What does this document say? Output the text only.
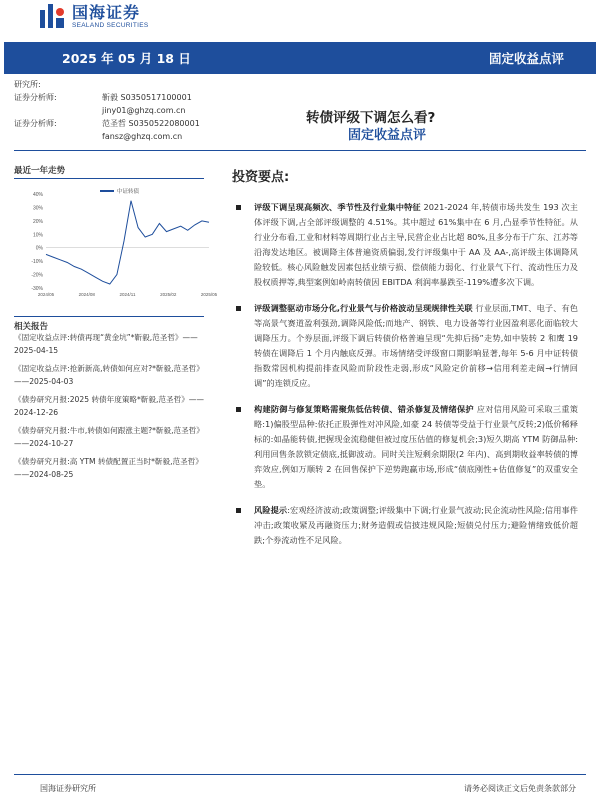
国海证券
SEALAND SECURITIES
2025 年 05 月 18 日	固定收益点评
研究所:
证券分析师:	靳毅 S0350517100001
jiny01@ghzq.com.cn
证券分析师:	范圣哲 S0350522080001
fansz@ghzq.com.cn
转债评级下调怎么看?
固定收益点评
最近一年走势
中证转债
40%
30%
20%
10%
0%
-10%
-20%
-30%
2024/05	2024/08	2024/11	2025/02	2025/05
相关报告
《固定收益点评:转债再现“黄金坑”*靳毅,范圣哲》——2025-04-15
《固定收益点评:抢新新高,转债如何应对?*靳毅,范圣哲》——2025-04-03
《债券研究月报:2025 转债年度策略*靳毅,范圣哲》——2024-12-26
《债券研究月报:牛市,转债如何跟涨主题?*靳毅,范圣哲》——2024-10-27
《债券研究月报:高 YTM 转债配置正当时*靳毅,范圣哲》——2024-08-25
投资要点:
评级下调呈现高频次、季节性及行业集中特征 2021-2024 年,转债市场共发生 193 次主体评级下调,占全部评级调整的 4.51%。其中超过 61%集中在 6 月,凸显季节性特征。从行业分布看,工业和材料等周期行业占主导,民营企业占比超 80%,且多分布于广东、江苏等沿海发达地区。被调降主体普遍资质偏弱,发行评级集中于 AA 及 AA-,高评级主体调降风险较低。核心风险触发因素包括业绩亏损、偿债能力弱化、行业景气下行、流动性压力及股权质押等,典型案例如岭南转债因 EBITDA 利润率暴跌至-119%遭多次下调。
评级调整驱动市场分化,行业景气与价格波动呈现规律性关联 行业层面,TMT、电子、有色等高景气赛道盈利强劲,调降风险低;而地产、钢铁、电力设备等行业因盈利恶化面临较大调降压力。个券层面,评级下调后转债价格普遍呈现“先抑后扬”走势,如中装转 2 和鹰 19 转债在调降后 1 个月内触底反弹。市场情绪受评级窗口期影响显著,每年 5-6 月中证转债指数常因机构提前排查风险而阶段性走弱,形成“风险定价前移→信用利差走阔→行情回调”的连锁反应。
构建防御与修复策略需聚焦低估转债、错杀修复及情绪保护 应对信用风险可采取三重策略:1)偏股型品种:依托正股弹性对冲风险,如豪 24 转债等受益于行业景气反转;2)低价稀释标的:如晶能转债,把握现金流稳健但被过度压估值的修复机会;3)短久期高 YTM 防御品种:利用回售条款锁定债底,抵御波动。同时关注短剩余期限(2 年内)、高到期收益率转债的博弈效应,例如万顺转 2 在回售保护下逆势跑赢市场,形成“债底刚性+估值修复”的双重安全垫。
风险提示:宏观经济波动;政策调整;评级集中下调;行业景气波动;民企流动性风险;信用事件冲击;政策收紧及再融资压力;财务造假或信披违规风险;短债兑付压力;避险情绪致低价超跌;个券流动性不足风险。
国海证券研究所	请务必阅读正文后免责条款部分
